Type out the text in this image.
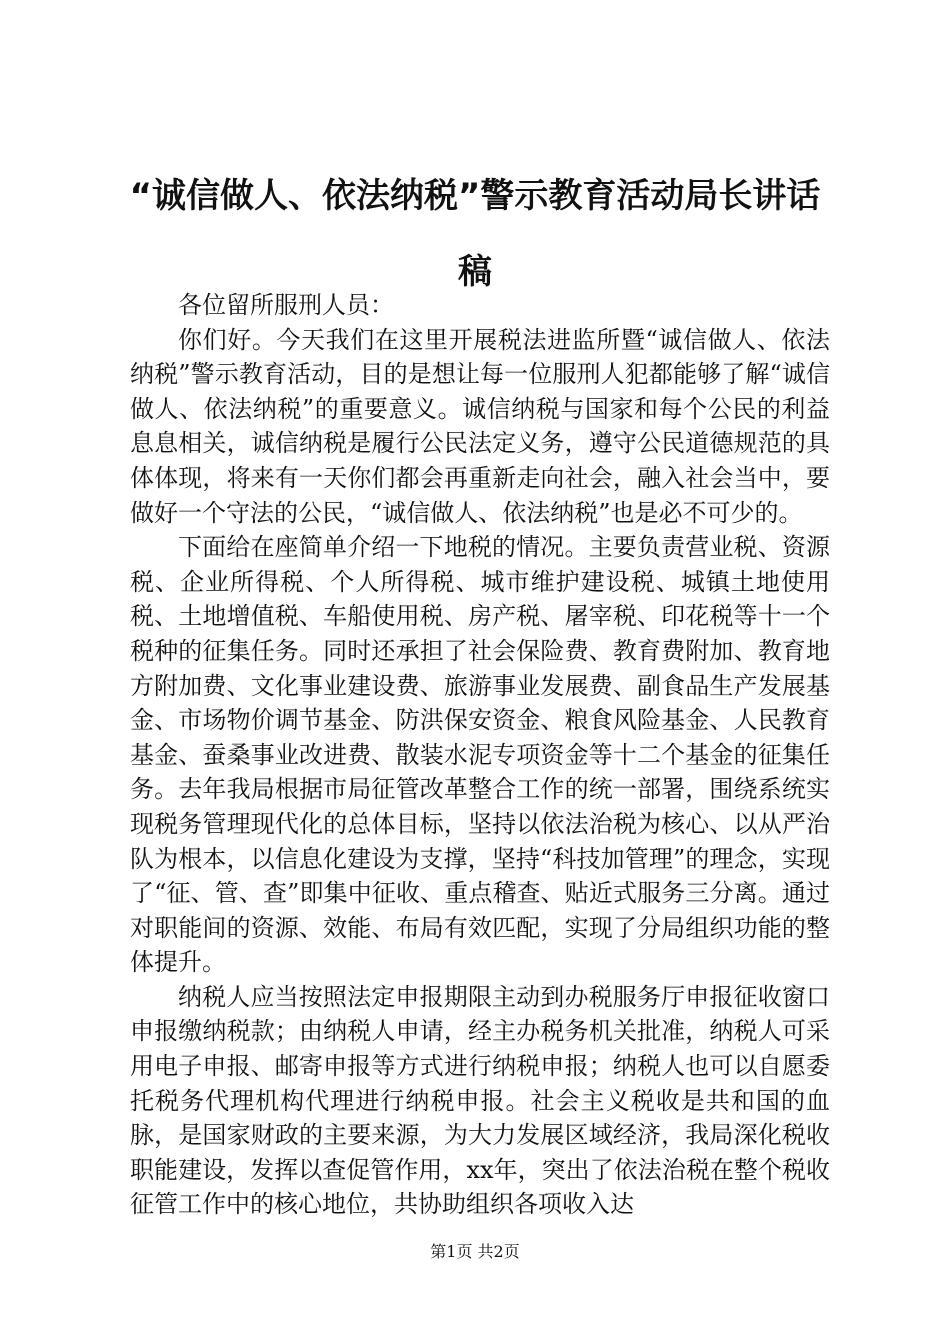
“诚信做人、依法纳税”警示教育活动局长讲话稿

各位留所服刑人员：

你们好。今天我们在这里开展税法进监所暨“诚信做人、依法纳税”警示教育活动，目的是想让每一位服刑人犯都能够了解“诚信做人、依法纳税”的重要意义。诚信纳税与国家和每个公民的利益息息相关，诚信纳税是履行公民法定义务，遵守公民道德规范的具体体现，将来有一天你们都会再重新走向社会，融入社会当中，要做好一个守法的公民，“诚信做人、依法纳税”也是必不可少的。

下面给在座简单介绍一下地税的情况。主要负责营业税、资源税、企业所得税、个人所得税、城市维护建设税、城镇土地使用税、土地增值税、车船使用税、房产税、屠宰税、印花税等十一个税种的征集任务。同时还承担了社会保险费、教育费附加、教育地方附加费、文化事业建设费、旅游事业发展费、副食品生产发展基金、市场物价调节基金、防洪保安资金、粮食风险基金、人民教育基金、蚕桑事业改进费、散装水泥专项资金等十二个基金的征集任务。去年我局根据市局征管改革整合工作的统一部署，围绕系统实现税务管理现代化的总体目标，坚持以依法治税为核心、以从严治队为根本，以信息化建设为支撑，坚持“科技加管理”的理念，实现了“征、管、查”即集中征收、重点稽查、贴近式服务三分离。通过对职能间的资源、效能、布局有效匹配，实现了分局组织功能的整体提升。

纳税人应当按照法定申报期限主动到办税服务厅申报征收窗口申报缴纳税款；由纳税人申请，经主办税务机关批准，纳税人可采用电子申报、邮寄申报等方式进行纳税申报；纳税人也可以自愿委托税务代理机构代理进行纳税申报。社会主义税收是共和国的血脉，是国家财政的主要来源，为大力发展区域经济，我局深化税收职能建设，发挥以查促管作用，xx年，突出了依法治税在整个税收征管工作中的核心地位，共协助组织各项收入达

第1页 共2页
